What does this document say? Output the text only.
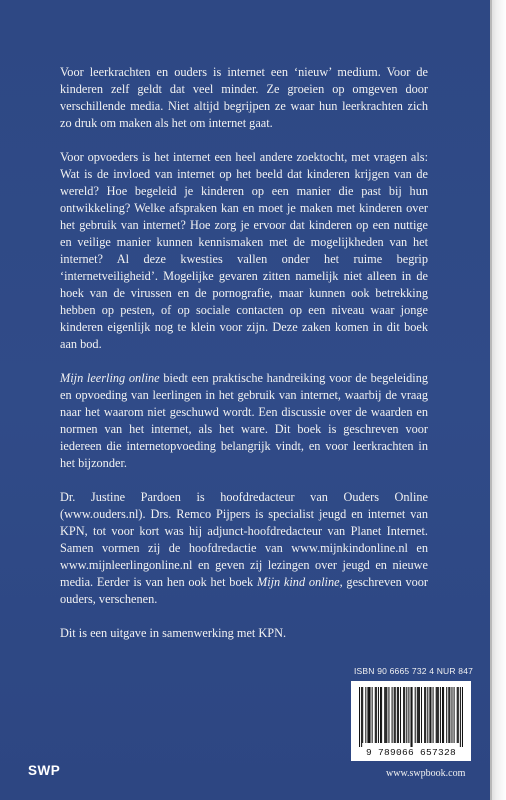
Voor leerkrachten en ouders is internet een ‘nieuw’ medium. Voor de kinderen zelf geldt dat veel minder. Ze groeien op omgeven door verschillende media. Niet altijd begrijpen ze waar hun leerkrachten zich zo druk om maken als het om internet gaat.

Voor opvoeders is het internet een heel andere zoektocht, met vragen als: Wat is de invloed van internet op het beeld dat kinderen krijgen van de wereld? Hoe begeleid je kinderen op een manier die past bij hun ontwikkeling? Welke afspraken kan en moet je maken met kinderen over het gebruik van internet? Hoe zorg je ervoor dat kinderen op een nuttige en veilige manier kunnen kennismaken met de mogelijkheden van het internet? Al deze kwesties vallen onder het ruime begrip ‘internetveiligheid’. Mogelijke gevaren zitten namelijk niet alleen in de hoek van de virussen en de pornografie, maar kunnen ook betrekking hebben op pesten, of op sociale contacten op een niveau waar jonge kinderen eigenlijk nog te klein voor zijn. Deze zaken komen in dit boek aan bod.

Mijn leerling online biedt een praktische handreiking voor de begeleiding en opvoeding van leerlingen in het gebruik van internet, waarbij de vraag naar het waarom niet geschuwd wordt. Een discussie over de waarden en normen van het internet, als het ware. Dit boek is geschreven voor iedereen die internetopvoeding belangrijk vindt, en voor leerkrachten in het bijzonder.

Dr. Justine Pardoen is hoofdredacteur van Ouders Online (www.ouders.nl). Drs. Remco Pijpers is specialist jeugd en internet van KPN, tot voor kort was hij adjunct-hoofdredacteur van Planet Internet. Samen vormen zij de hoofdredactie van www.mijnkindonline.nl en www.mijnleerlingonline.nl en geven zij lezingen over jeugd en nieuwe media. Eerder is van hen ook het boek Mijn kind online, geschreven voor ouders, verschenen.

Dit is een uitgave in samenwerking met KPN.

ISBN 90 6665 732 4 NUR 847
9 789066 657328
SWP	www.swpbook.com
